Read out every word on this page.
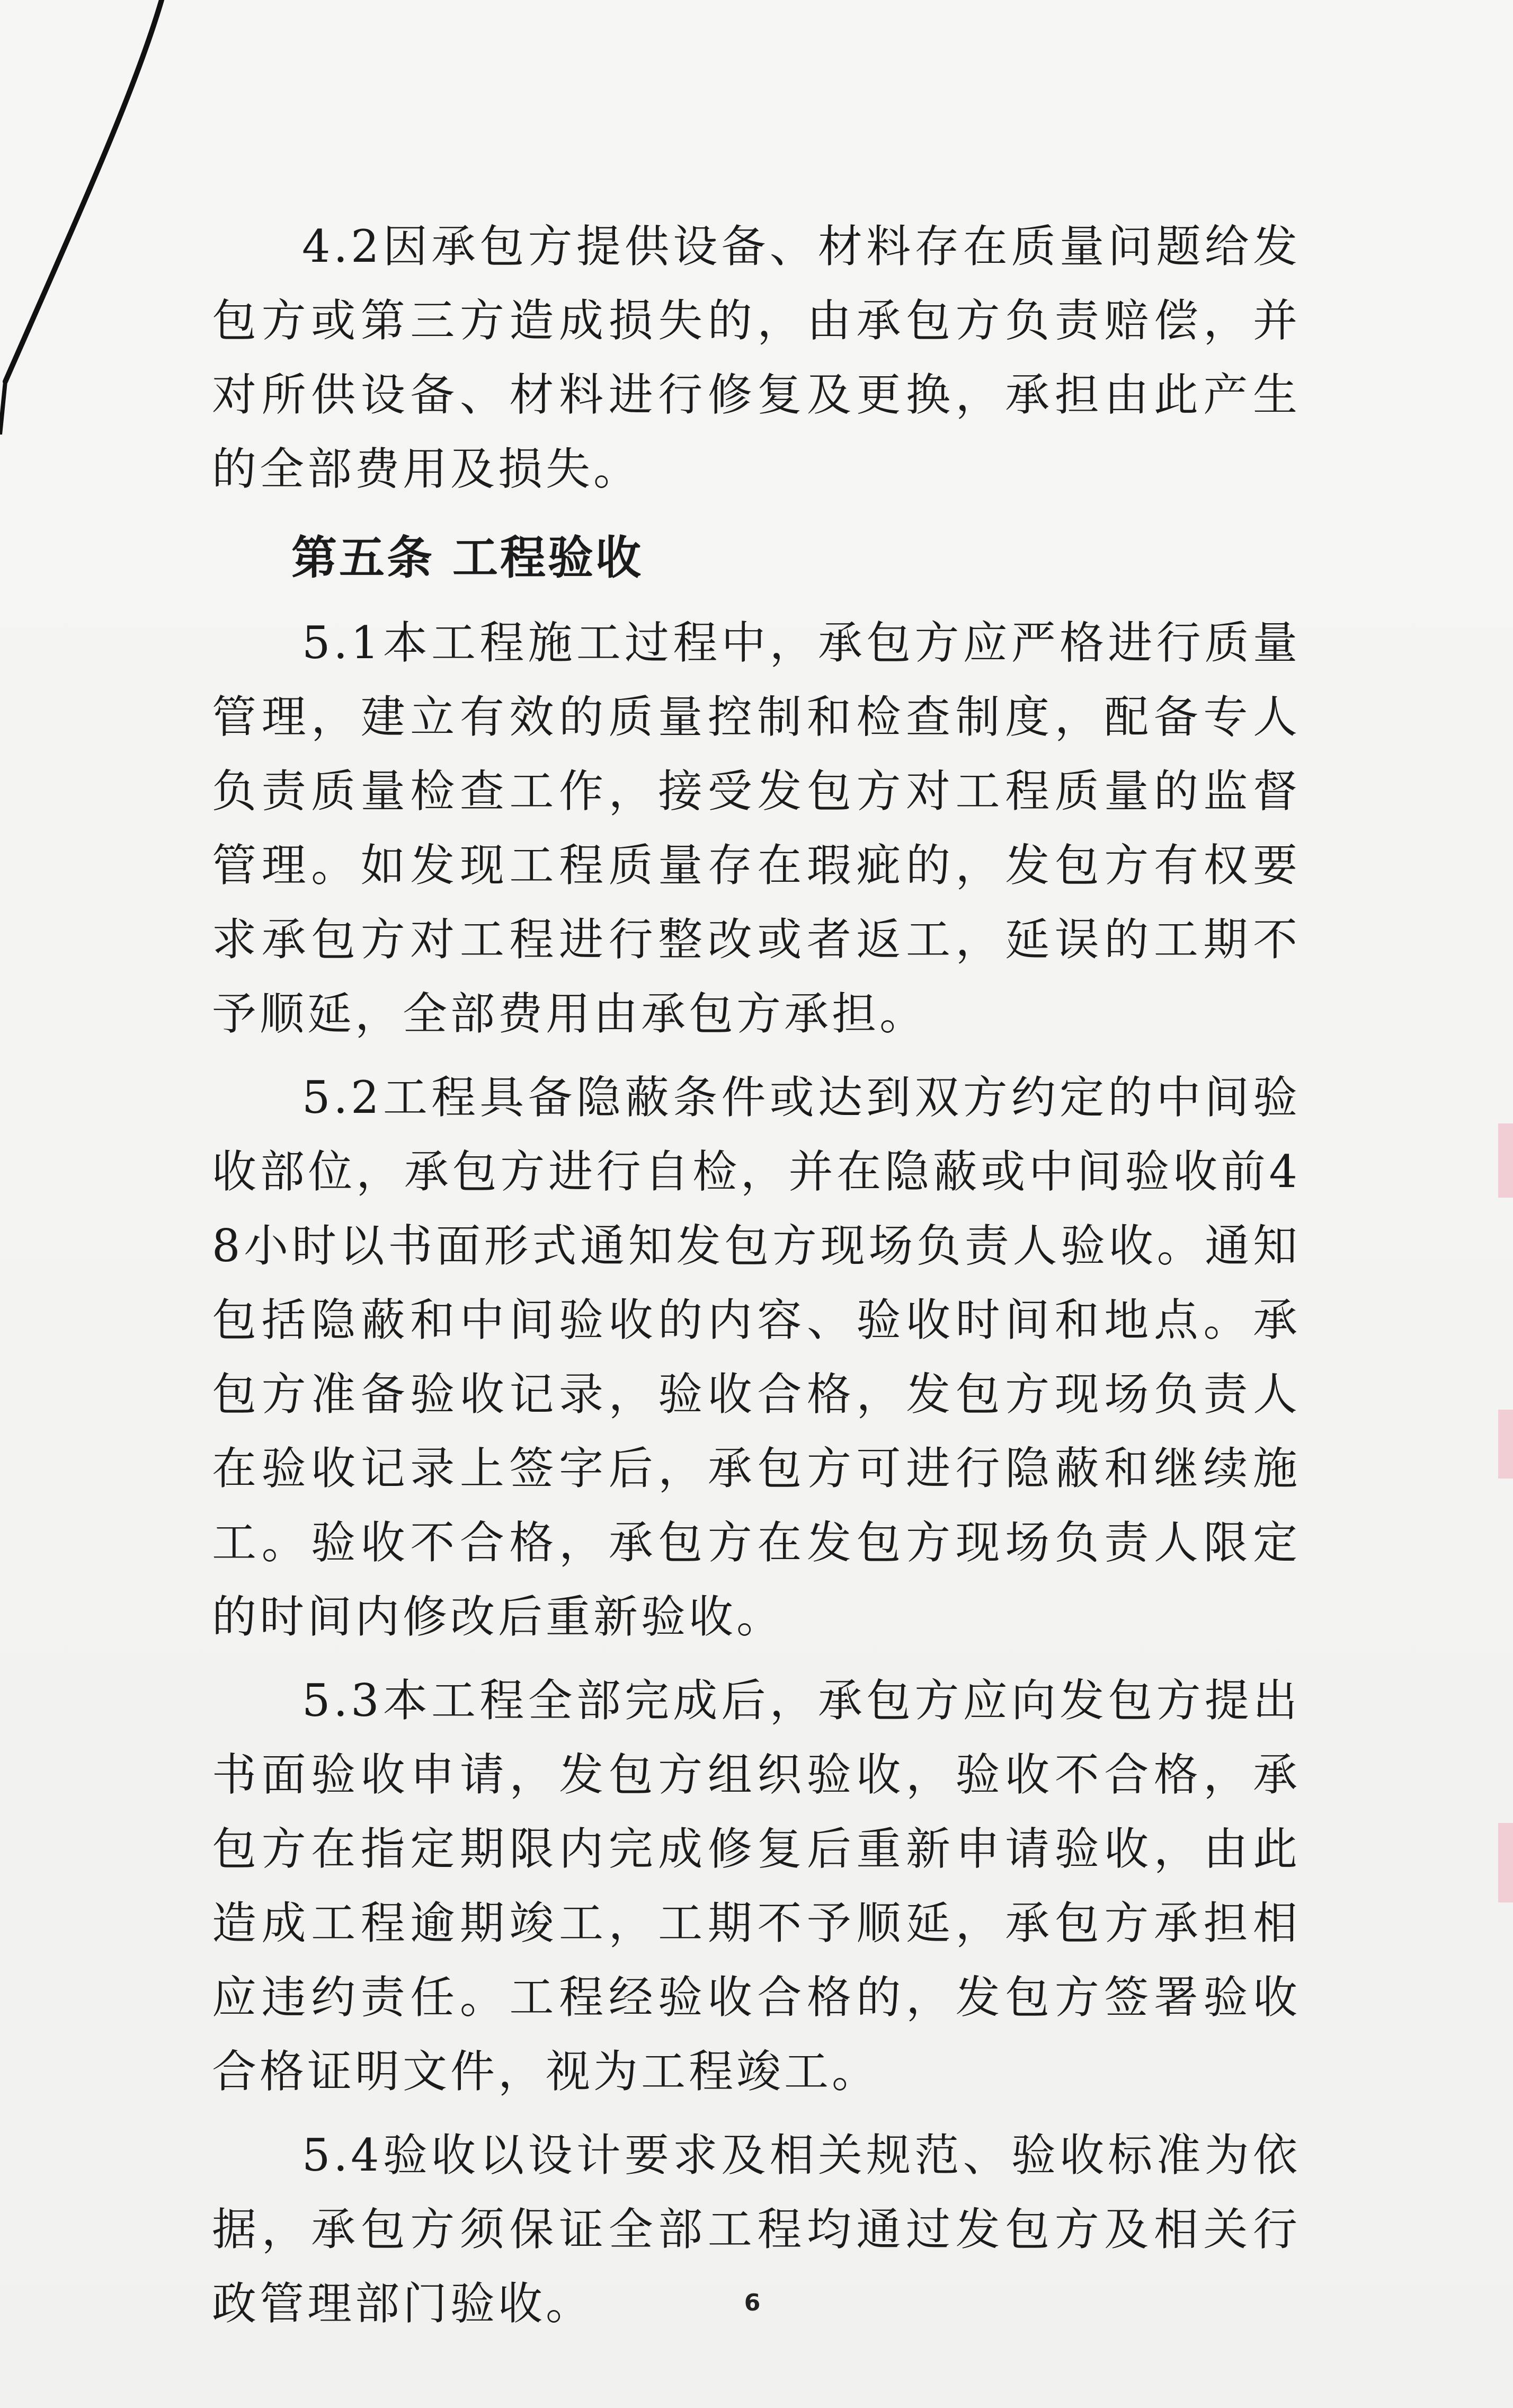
4.2因承包方提供设备、材料存在质量问题给发包方或第三方造成损失的，由承包方负责赔偿，并对所供设备、材料进行修复及更换，承担由此产生的全部费用及损失。

第五条 工程验收

5.1本工程施工过程中，承包方应严格进行质量管理，建立有效的质量控制和检查制度，配备专人负责质量检查工作，接受发包方对工程质量的监督管理。如发现工程质量存在瑕疵的，发包方有权要求承包方对工程进行整改或者返工，延误的工期不予顺延，全部费用由承包方承担。

5.2工程具备隐蔽条件或达到双方约定的中间验收部位，承包方进行自检，并在隐蔽或中间验收前48小时以书面形式通知发包方现场负责人验收。通知包括隐蔽和中间验收的内容、验收时间和地点。承包方准备验收记录，验收合格，发包方现场负责人在验收记录上签字后，承包方可进行隐蔽和继续施工。验收不合格，承包方在发包方现场负责人限定的时间内修改后重新验收。

5.3本工程全部完成后，承包方应向发包方提出书面验收申请，发包方组织验收，验收不合格，承包方在指定期限内完成修复后重新申请验收，由此造成工程逾期竣工，工期不予顺延，承包方承担相应违约责任。工程经验收合格的，发包方签署验收合格证明文件，视为工程竣工。

5.4验收以设计要求及相关规范、验收标准为依据，承包方须保证全部工程均通过发包方及相关行政管理部门验收。	6
